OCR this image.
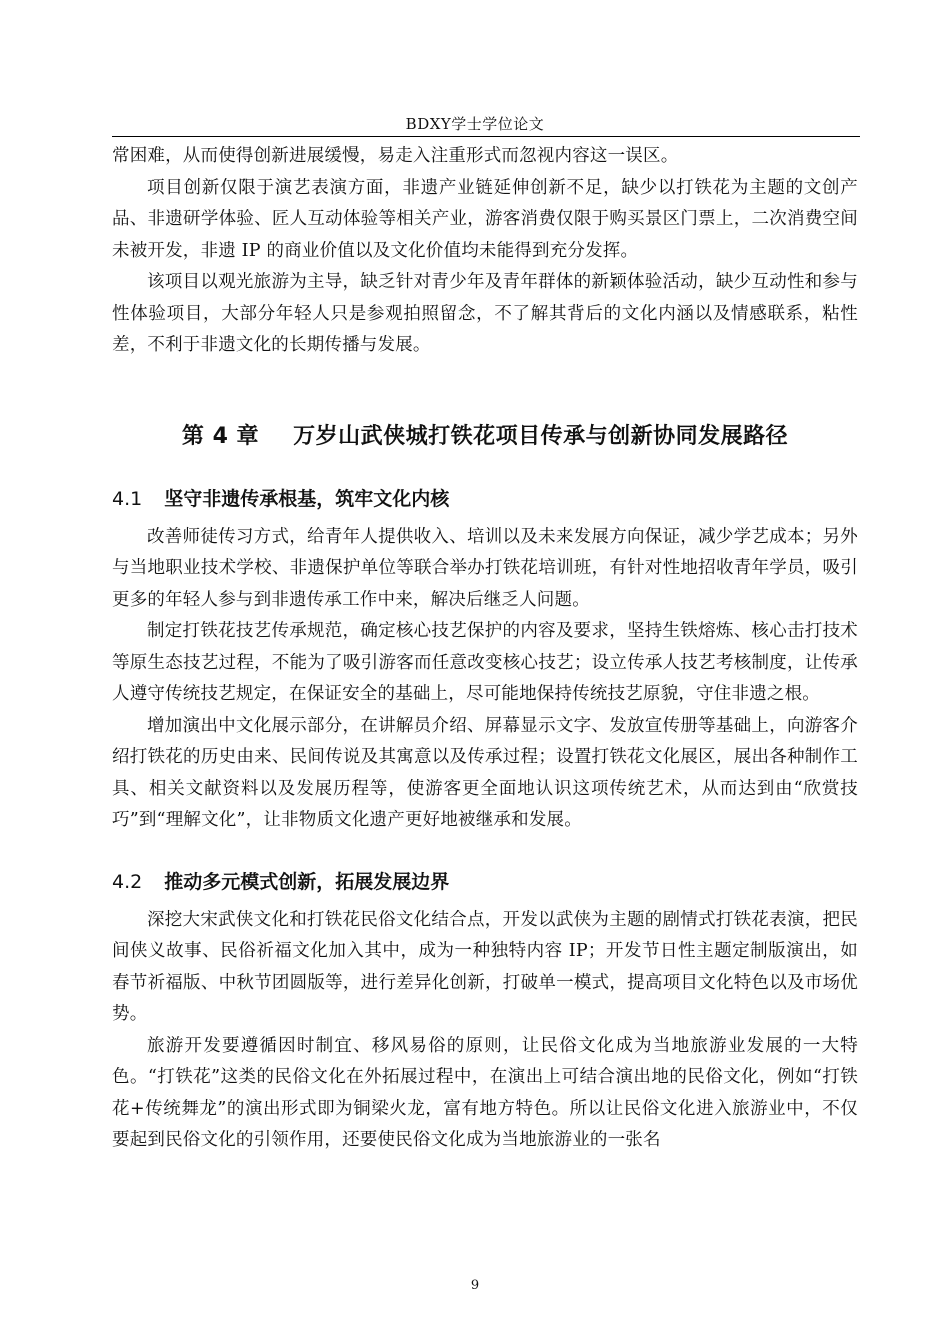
BDXY学士学位论文

常困难，从而使得创新进展缓慢，易走入注重形式而忽视内容这一误区。

项目创新仅限于演艺表演方面，非遗产业链延伸创新不足，缺少以打铁花为主题的文创产品、非遗研学体验、匠人互动体验等相关产业，游客消费仅限于购买景区门票上，二次消费空间未被开发，非遗 IP 的商业价值以及文化价值均未能得到充分发挥。

该项目以观光旅游为主导，缺乏针对青少年及青年群体的新颖体验活动，缺少互动性和参与性体验项目，大部分年轻人只是参观拍照留念，不了解其背后的文化内涵以及情感联系，粘性差，不利于非遗文化的长期传播与发展。

第 4 章 万岁山武侠城打铁花项目传承与创新协同发展路径
4.1 坚守非遗传承根基，筑牢文化内核

改善师徒传习方式，给青年人提供收入、培训以及未来发展方向保证，减少学艺成本；另外与当地职业技术学校、非遗保护单位等联合举办打铁花培训班，有针对性地招收青年学员，吸引更多的年轻人参与到非遗传承工作中来，解决后继乏人问题。

制定打铁花技艺传承规范，确定核心技艺保护的内容及要求，坚持生铁熔炼、核心击打技术等原生态技艺过程，不能为了吸引游客而任意改变核心技艺；设立传承人技艺考核制度，让传承人遵守传统技艺规定，在保证安全的基础上，尽可能地保持传统技艺原貌，守住非遗之根。

增加演出中文化展示部分，在讲解员介绍、屏幕显示文字、发放宣传册等基础上，向游客介绍打铁花的历史由来、民间传说及其寓意以及传承过程；设置打铁花文化展区，展出各种制作工具、相关文献资料以及发展历程等，使游客更全面地认识这项传统艺术，从而达到由“欣赏技巧”到“理解文化”，让非物质文化遗产更好地被继承和发展。

4.2 推动多元模式创新，拓展发展边界

深挖大宋武侠文化和打铁花民俗文化结合点，开发以武侠为主题的剧情式打铁花表演，把民间侠义故事、民俗祈福文化加入其中，成为一种独特内容 IP；开发节日性主题定制版演出，如春节祈福版、中秋节团圆版等，进行差异化创新，打破单一模式，提高项目文化特色以及市场优势。

旅游开发要遵循因时制宜、移风易俗的原则，让民俗文化成为当地旅游业发展的一大特色。“打铁花”这类的民俗文化在外拓展过程中，在演出上可结合演出地的民俗文化，例如“打铁花+传统舞龙”的演出形式即为铜梁火龙，富有地方特色。所以让民俗文化进入旅游业中，不仅要起到民俗文化的引领作用，还要使民俗文化成为当地旅游业的一张名

9
